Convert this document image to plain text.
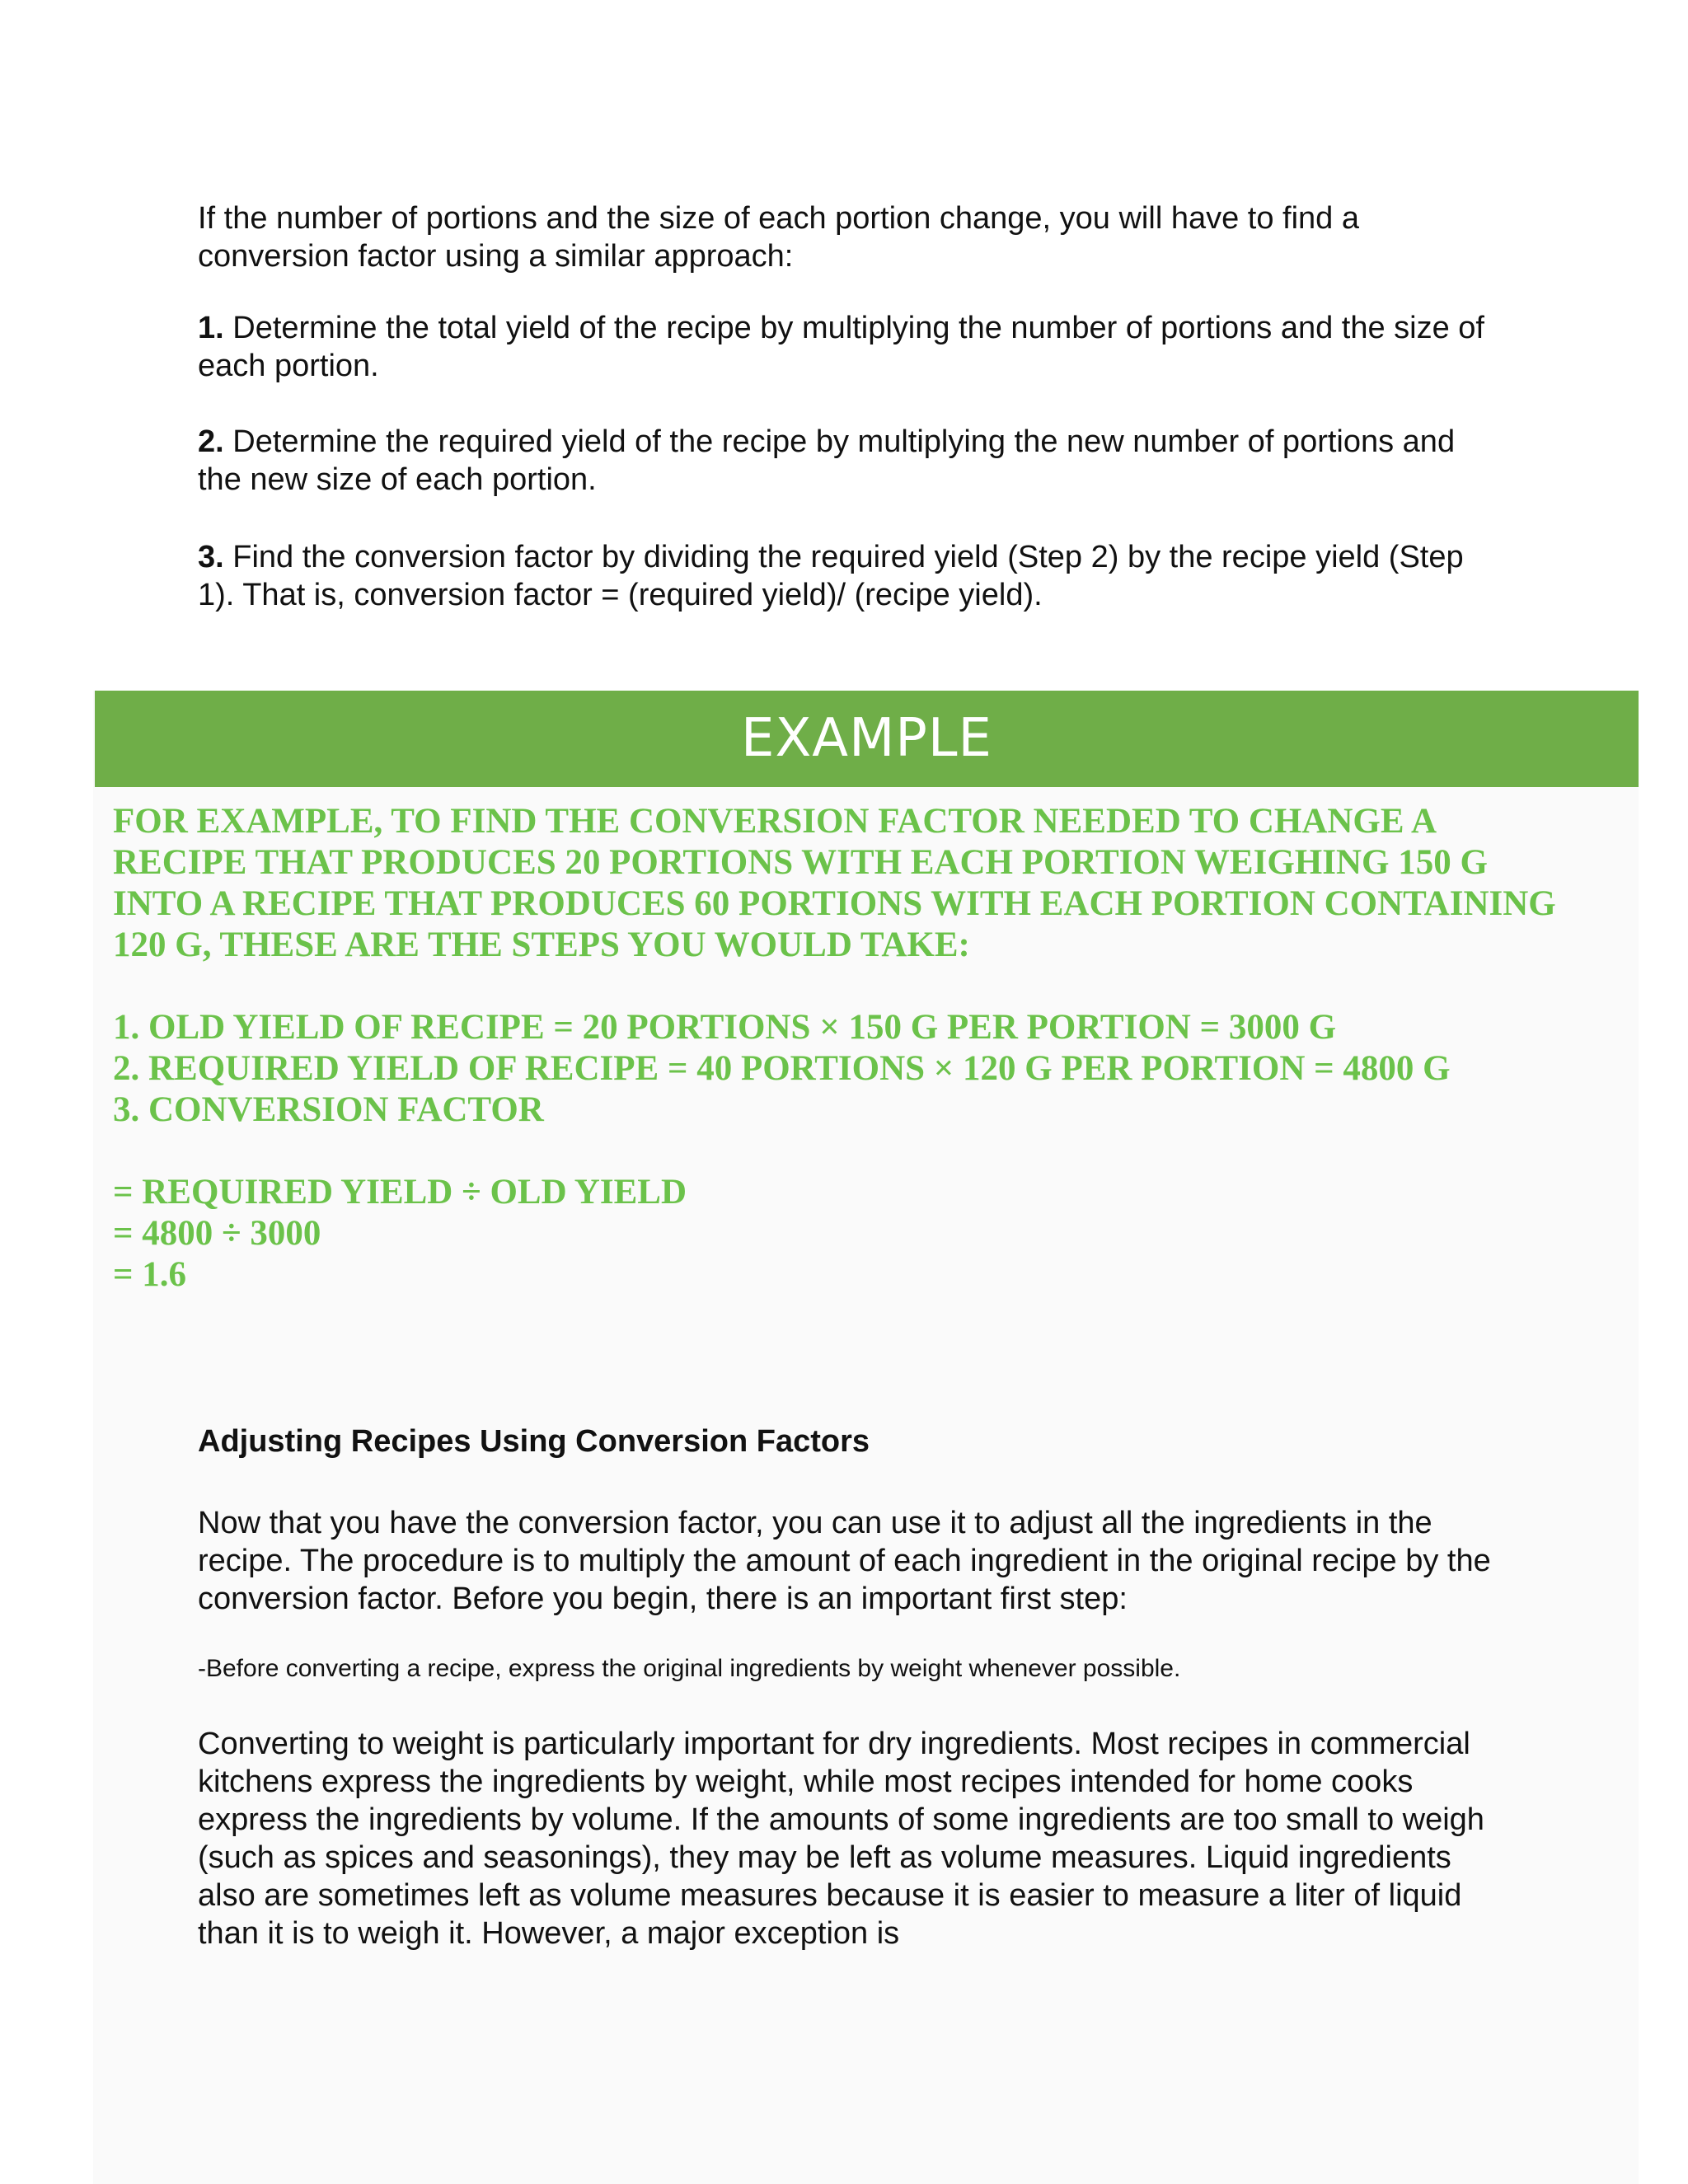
If the number of portions and the size of each portion change, you will have to find a conversion factor using a similar approach:

1. Determine the total yield of the recipe by multiplying the number of portions and the size of each portion.

2. Determine the required yield of the recipe by multiplying the new number of portions and the new size of each portion.

3. Find the conversion factor by dividing the required yield (Step 2) by the recipe yield (Step 1). That is, conversion factor = (required yield)/ (recipe yield).

EXAMPLE

FOR EXAMPLE, TO FIND THE CONVERSION FACTOR NEEDED TO CHANGE A RECIPE THAT PRODUCES 20 PORTIONS WITH EACH PORTION WEIGHING 150 G INTO A RECIPE THAT PRODUCES 60 PORTIONS WITH EACH PORTION CONTAINING 120 G, THESE ARE THE STEPS YOU WOULD TAKE:

1. OLD YIELD OF RECIPE = 20 PORTIONS × 150 G PER PORTION = 3000 G
2. REQUIRED YIELD OF RECIPE = 40 PORTIONS × 120 G PER PORTION = 4800 G
3. CONVERSION FACTOR

= REQUIRED YIELD ÷ OLD YIELD
= 4800 ÷ 3000
= 1.6

Adjusting Recipes Using Conversion Factors

Now that you have the conversion factor, you can use it to adjust all the ingredients in the recipe. The procedure is to multiply the amount of each ingredient in the original recipe by the conversion factor. Before you begin, there is an important first step:

-Before converting a recipe, express the original ingredients by weight whenever possible.

Converting to weight is particularly important for dry ingredients. Most recipes in commercial kitchens express the ingredients by weight, while most recipes intended for home cooks express the ingredients by volume. If the amounts of some ingredients are too small to weigh (such as spices and seasonings), they may be left as volume measures. Liquid ingredients also are sometimes left as volume measures because it is easier to measure a liter of liquid than it is to weigh it. However, a major exception is
